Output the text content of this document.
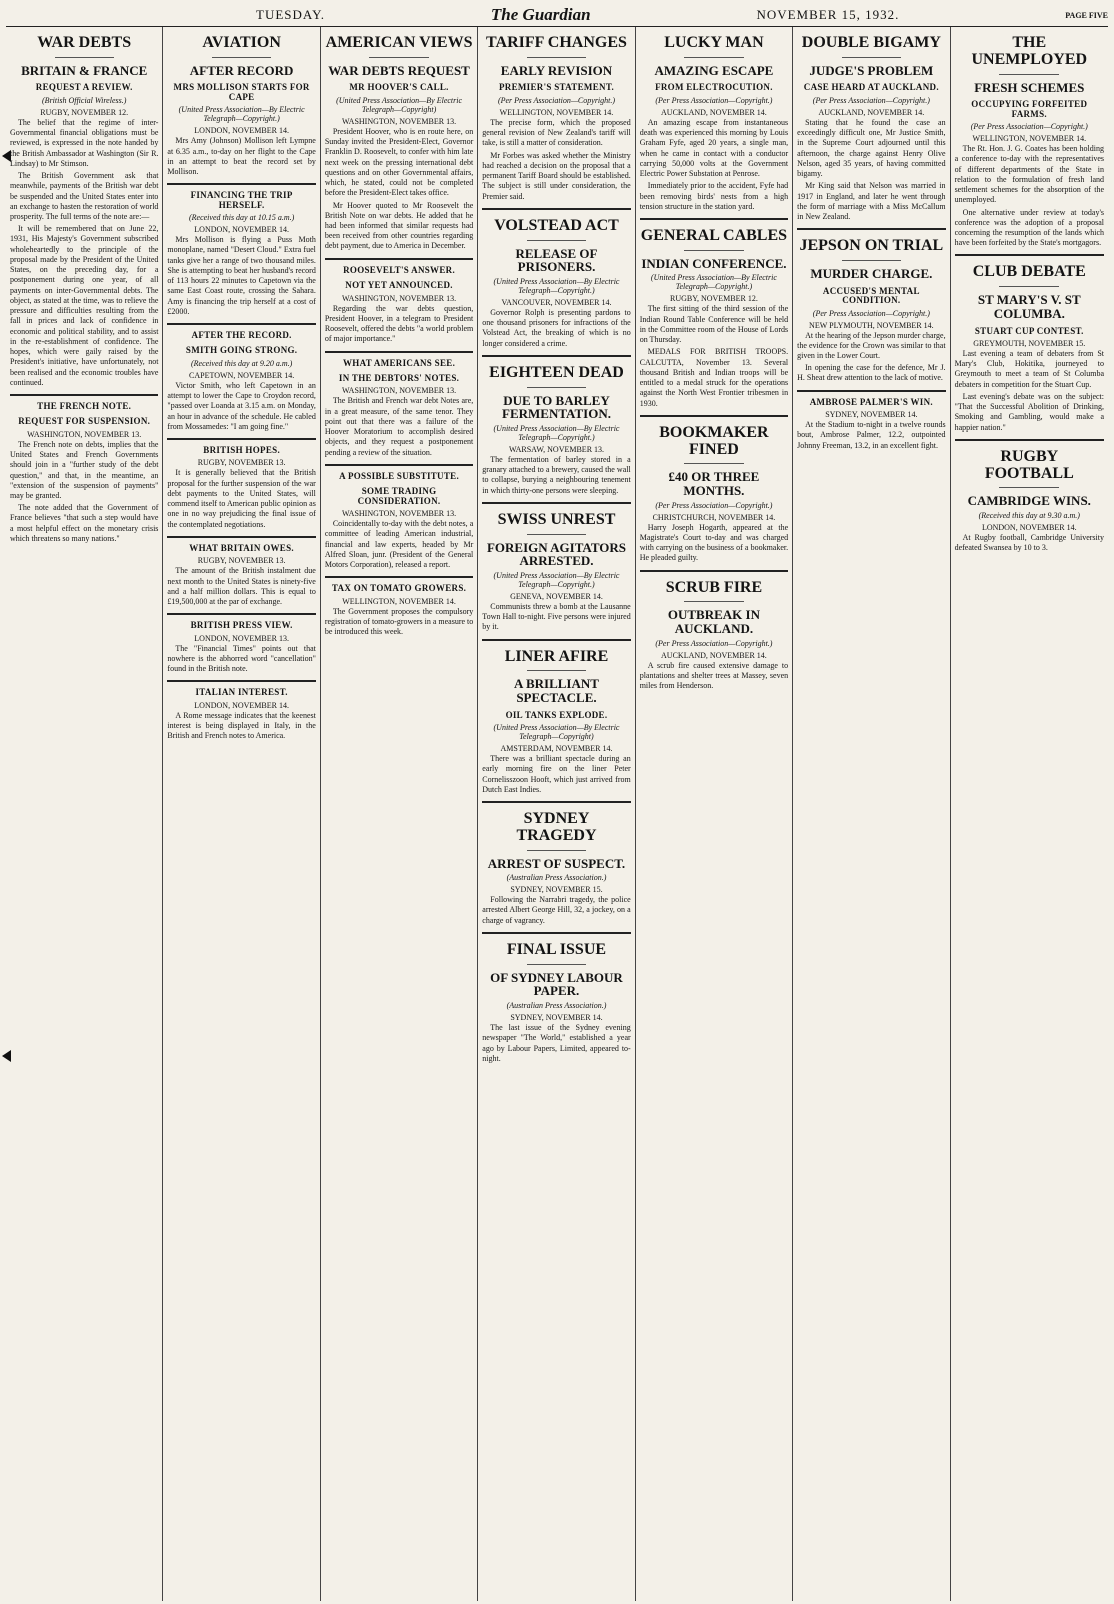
TUESDAY.	The Guardian	NOVEMBER 15, 1932.	PAGE FIVE
WAR DEBTS
BRITAIN & FRANCE
REQUEST A REVIEW.
(British Official Wireless.)
RUGBY, NOVEMBER 12.

The belief that the regime of inter-Governmental financial obligations must be reviewed, is expressed in the note handed by the British Ambassador at Washington (Sir R. Lindsay) to Mr Stimson.

The British Government ask that meanwhile, payments of the British war debt be suspended and the United States enter into an exchange to hasten the restoration of world prosperity. The full terms of the note are:—

It will be remembered that on June 22, 1931, His Majesty's Government subscribed wholeheartedly to the principle of the proposal made by the President of the United States, on the preceding day, for a postponement during one year, of all payments on inter-Governmental debts. The object, as stated at the time, was to relieve the pressure and difficulties resulting from the fall in prices and lack of confidence in economic and political stability, and to assist in the re-establishment of confidence. The hopes, which were gaily raised by the President's initiative, have unfortunately, not been realised and the economic troubles have continued.

THE FRENCH NOTE.
REQUEST FOR SUSPENSION.
WASHINGTON, NOVEMBER 13.

The French note on debts, implies that the United States and French Governments should join in a "further study of the debt question," and that, in the meantime, an "extension of the suspension of payments" may be granted.

The note added that the Government of France believes "that such a step would have a most helpful effect on the monetary crisis which threatens so many nations."

AVIATION
AFTER RECORD
MRS MOLLISON STARTS FOR CAPE
(United Press Association—By Electric Telegraph—Copyright.)
LONDON, NOVEMBER 14.

Mrs Amy (Johnson) Mollison left Lympne at 6.35 a.m., to-day on her flight to the Cape in an attempt to beat the record set by Mollison.

FINANCING THE TRIP HERSELF.
(Received this day at 10.15 a.m.)
LONDON, NOVEMBER 14.

Mrs Mollison is flying a Puss Moth monoplane, named "Desert Cloud." Extra fuel tanks give her a range of two thousand miles. She is attempting to beat her husband's record of 113 hours 22 minutes to Capetown via the same East Coast route, crossing the Sahara. Amy is financing the trip herself at a cost of £2000.

AFTER THE RECORD.
SMITH GOING STRONG.
(Received this day at 9.20 a.m.)
CAPETOWN, NOVEMBER 14.

Victor Smith, who left Capetown in an attempt to lower the Cape to Croydon record, "passed over Loanda at 3.15 a.m. on Monday, an hour in advance of the schedule. He cabled from Mossamedes: "I am going fine."

BRITISH HOPES.
RUGBY, NOVEMBER 13.

It is generally believed that the British proposal for the further suspension of the war debt payments to the United States, will commend itself to American public opinion as one in no way prejudicing the final issue of the contemplated negotiations.

WHAT BRITAIN OWES.
RUGBY, NOVEMBER 13.

The amount of the British instalment due next month to the United States is ninety-five and a half million dollars. This is equal to £19,500,000 at the par of exchange.

BRITISH PRESS VIEW.
LONDON, NOVEMBER 13.

The "Financial Times" points out that nowhere is the abhorred word "cancellation" found in the British note.

ITALIAN INTEREST.
LONDON, NOVEMBER 14.

A Rome message indicates that the keenest interest is being displayed in Italy, in the British and French notes to America.

AMERICAN VIEWS
WAR DEBTS REQUEST
MR HOOVER'S CALL.
(United Press Association—By Electric Telegraph—Copyright)
WASHINGTON, NOVEMBER 13.

President Hoover, who is en route here, on Sunday invited the President-Elect, Governor Franklin D. Roosevelt, to confer with him late next week on the pressing international debt questions and on other Governmental affairs, which, he stated, could not be completed before the President-Elect takes office.

Mr Hoover quoted to Mr Roosevelt the British Note on war debts. He added that he had been informed that similar requests had been received from other countries regarding debt payment, due to America in December.

ROOSEVELT'S ANSWER.
NOT YET ANNOUNCED.
WASHINGTON, NOVEMBER 13.

Regarding the war debts question, President Hoover, in a telegram to President Roosevelt, offered the debts "a world problem of major importance."

WHAT AMERICANS SEE.
IN THE DEBTORS' NOTES.
WASHINGTON, NOVEMBER 13.

The British and French war debt Notes are, in a great measure, of the same tenor. They point out that there was a failure of the Hoover Moratorium to accomplish desired objects, and they request a postponement pending a review of the situation.

A POSSIBLE SUBSTITUTE.
SOME TRADING CONSIDERATION.
WASHINGTON, NOVEMBER 13.

Coincidentally to-day with the debt notes, a committee of leading American industrial, financial and law experts, headed by Mr Alfred Sloan, junr. (President of the General Motors Corporation), released a report.

TAX ON TOMATO GROWERS.
WELLINGTON, NOVEMBER 14.

The Government proposes the compulsory registration of tomato-growers in a measure to be introduced this week.

TARIFF CHANGES
EARLY REVISION
PREMIER'S STATEMENT.
(Per Press Association—Copyright.)
WELLINGTON, NOVEMBER 14.

The precise form, which the proposed general revision of New Zealand's tariff will take, is still a matter of consideration.

Mr Forbes was asked whether the Ministry had reached a decision on the proposal that a permanent Tariff Board should be established. The subject is still under consideration, the Premier said.

VOLSTEAD ACT
RELEASE OF PRISONERS.
(United Press Association—By Electric Telegraph—Copyright.)
VANCOUVER, NOVEMBER 14.

Governor Rolph is presenting pardons to one thousand prisoners for infractions of the Volstead Act, the breaking of which is no longer considered a crime.

EIGHTEEN DEAD
DUE TO BARLEY FERMENTATION.
(United Press Association—By Electric Telegraph—Copyright.)
WARSAW, NOVEMBER 13.

The fermentation of barley stored in a granary attached to a brewery, caused the wall to collapse, burying a neighbouring tenement in which thirty-one persons were sleeping.

SWISS UNREST
FOREIGN AGITATORS ARRESTED.
(United Press Association—By Electric Telegraph—Copyright.)
GENEVA, NOVEMBER 14.

Communists threw a bomb at the Lausanne Town Hall to-night. Five persons were injured by it.

LINER AFIRE
A BRILLIANT SPECTACLE.
OIL TANKS EXPLODE.
(United Press Association—By Electric Telegraph—Copyright)
AMSTERDAM, NOVEMBER 14.

There was a brilliant spectacle during an early morning fire on the liner Peter Cornelisszoon Hooft, which just arrived from Dutch East Indies.

SYDNEY TRAGEDY
ARREST OF SUSPECT.
(Australian Press Association.)
SYDNEY, NOVEMBER 15.

Following the Narrabri tragedy, the police arrested Albert George Hill, 32, a jockey, on a charge of vagrancy.

FINAL ISSUE
OF SYDNEY LABOUR PAPER.
(Australian Press Association.)
SYDNEY, NOVEMBER 14.

The last issue of the Sydney evening newspaper "The World," established a year ago by Labour Papers, Limited, appeared to-night.

LUCKY MAN
AMAZING ESCAPE
FROM ELECTROCUTION.
(Per Press Association—Copyright.)
AUCKLAND, NOVEMBER 14.

An amazing escape from instantaneous death was experienced this morning by Louis Graham Fyfe, aged 20 years, a single man, when he came in contact with a conductor carrying 50,000 volts at the Government Electric Power Substation at Penrose.

Immediately prior to the accident, Fyfe had been removing birds' nests from a high tension structure in the station yard.

GENERAL CABLES
INDIAN CONFERENCE.
(United Press Association—By Electric Telegraph—Copyright.)
RUGBY, NOVEMBER 12.

The first sitting of the third session of the Indian Round Table Conference will be held in the Committee room of the House of Lords on Thursday.

MEDALS FOR BRITISH TROOPS. CALCUTTA, November 13. Several thousand British and Indian troops will be entitled to a medal struck for the operations against the North West Frontier tribesmen in 1930.

BOOKMAKER FINED
£40 OR THREE MONTHS.
(Per Press Association—Copyright.)
CHRISTCHURCH, NOVEMBER 14.

Harry Joseph Hogarth, appeared at the Magistrate's Court to-day and was charged with carrying on the business of a bookmaker. He pleaded guilty.

SCRUB FIRE
OUTBREAK IN AUCKLAND.
(Per Press Association—Copyright.)
AUCKLAND, NOVEMBER 14.

A scrub fire caused extensive damage to plantations and shelter trees at Massey, seven miles from Henderson.

DOUBLE BIGAMY
JUDGE'S PROBLEM
CASE HEARD AT AUCKLAND.
(Per Press Association—Copyright.)
AUCKLAND, NOVEMBER 14.

Stating that he found the case an exceedingly difficult one, Mr Justice Smith, in the Supreme Court adjourned until this afternoon, the charge against Henry Olive Nelson, aged 35 years, of having committed bigamy.

Mr King said that Nelson was married in 1917 in England, and later he went through the form of marriage with a Miss McCallum in New Zealand.

JEPSON ON TRIAL
MURDER CHARGE.
ACCUSED'S MENTAL CONDITION.
(Per Press Association—Copyright.)
NEW PLYMOUTH, NOVEMBER 14.

At the hearing of the Jepson murder charge, the evidence for the Crown was similar to that given in the Lower Court.

In opening the case for the defence, Mr J. H. Sheat drew attention to the lack of motive.

AMBROSE PALMER'S WIN.
SYDNEY, NOVEMBER 14.

At the Stadium to-night in a twelve rounds bout, Ambrose Palmer, 12.2, outpointed Johnny Freeman, 13.2, in an excellent fight.

THE UNEMPLOYED
FRESH SCHEMES
OCCUPYING FORFEITED FARMS.
(Per Press Association—Copyright.)
WELLINGTON, NOVEMBER 14.

The Rt. Hon. J. G. Coates has been holding a conference to-day with the representatives of different departments of the State in relation to the formulation of fresh land settlement schemes for the absorption of the unemployed.

One alternative under review at today's conference was the adoption of a proposal concerning the resumption of the lands which have been forfeited by the State's mortgagors.

CLUB DEBATE
ST MARY'S V. ST COLUMBA.
STUART CUP CONTEST.
GREYMOUTH, NOVEMBER 15.

Last evening a team of debaters from St Mary's Club, Hokitika, journeyed to Greymouth to meet a team of St Columba debaters in competition for the Stuart Cup.

Last evening's debate was on the subject: "That the Successful Abolition of Drinking, Smoking and Gambling, would make a happier nation."

RUGBY FOOTBALL
CAMBRIDGE WINS.
(Received this day at 9.30 a.m.)
LONDON, NOVEMBER 14.

At Rugby football, Cambridge University defeated Swansea by 10 to 3.
